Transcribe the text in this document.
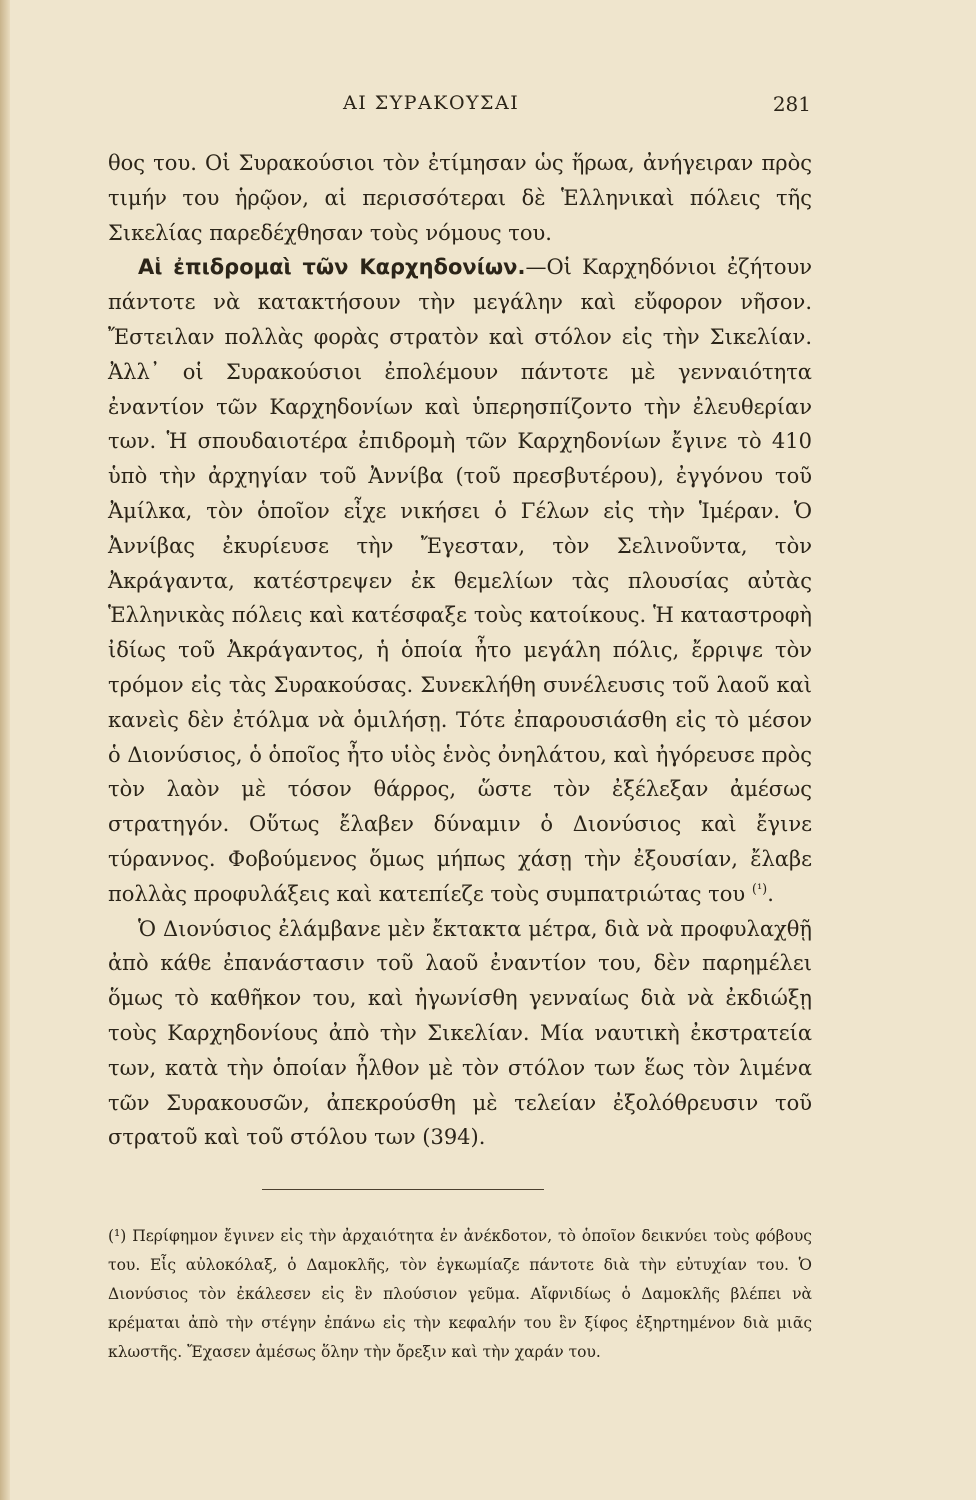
ΑΙ ΣΥΡΑΚΟΥΣΑΙ	281

θος του. Οἱ Συρακούσιοι τὸν ἐτίμησαν ὡς ἥρωα, ἀνήγειραν πρὸς τιμήν του ἡρῷον, αἱ περισσότεραι δὲ Ἑλληνικαὶ πόλεις τῆς Σικελίας παρεδέχθησαν τοὺς νόμους του.

Αἱ ἐπιδρομαὶ τῶν Καρχηδονίων.—Οἱ Καρχηδόνιοι ἐζήτουν πάντοτε νὰ κατακτήσουν τὴν μεγάλην καὶ εὔφορον νῆσον. Ἔστειλαν πολλὰς φορὰς στρατὸν καὶ στόλον εἰς τὴν Σικελίαν. Ἀλλ᾽ οἱ Συρακούσιοι ἐπολέμουν πάντοτε μὲ γενναιότητα ἐναντίον τῶν Καρχηδονίων καὶ ὑπερησπίζοντο τὴν ἐλευθερίαν των. Ἡ σπουδαιοτέρα ἐπιδρομὴ τῶν Καρχηδονίων ἔγινε τὸ 410 ὑπὸ τὴν ἀρχηγίαν τοῦ Ἀννίβα (τοῦ πρεσβυτέρου), ἐγγόνου τοῦ Ἀμίλκα, τὸν ὁποῖον εἶχε νικήσει ὁ Γέλων εἰς τὴν Ἱμέραν. Ὁ Ἀννίβας ἐκυρίευσε τὴν Ἔγεσταν, τὸν Σελινοῦντα, τὸν Ἀκράγαντα, κατέστρεψεν ἐκ θεμελίων τὰς πλουσίας αὐτὰς Ἑλληνικὰς πόλεις καὶ κατέσφαξε τοὺς κατοίκους. Ἡ καταστροφὴ ἰδίως τοῦ Ἀκράγαντος, ἡ ὁποία ἦτο μεγάλη πόλις, ἔρριψε τὸν τρόμον εἰς τὰς Συρακούσας. Συνεκλήθη συνέλευσις τοῦ λαοῦ καὶ κανεὶς δὲν ἐτόλμα νὰ ὁμιλήσῃ. Τότε ἐπαρουσιάσθη εἰς τὸ μέσον ὁ Διονύσιος, ὁ ὁποῖος ἦτο υἱὸς ἑνὸς ὀνηλάτου, καὶ ἠγόρευσε πρὸς τὸν λαὸν μὲ τόσον θάρρος, ὥστε τὸν ἐξέλεξαν ἀμέσως στρατηγόν. Οὕτως ἔλαβεν δύναμιν ὁ Διονύσιος καὶ ἔγινε τύραννος. Φοβούμενος ὅμως μήπως χάσῃ τὴν ἐξουσίαν, ἔλαβε πολλὰς προφυλάξεις καὶ κατεπίεζε τοὺς συμπατριώτας του $^{(^1)}$.

Ὁ Διονύσιος ἐλάμβανε μὲν ἔκτακτα μέτρα, διὰ νὰ προφυλαχθῇ ἀπὸ κάθε ἐπανάστασιν τοῦ λαοῦ ἐναντίον του, δὲν παρημέλει ὅμως τὸ καθῆκον του, καὶ ἠγωνίσθη γενναίως διὰ νὰ ἐκδιώξῃ τοὺς Καρχηδονίους ἀπὸ τὴν Σικελίαν. Μία ναυτικὴ ἐκστρατεία των, κατὰ τὴν ὁποίαν ἦλθον μὲ τὸν στόλον των ἕως τὸν λιμένα τῶν Συρακουσῶν, ἀπεκρούσθη μὲ τελείαν ἐξολόθρευσιν τοῦ στρατοῦ καὶ τοῦ στόλου των (394).

(¹) Περίφημον ἔγινεν εἰς τὴν ἀρχαιότητα ἐν ἀνέκδοτον, τὸ ὁποῖον δεικνύει τοὺς φόβους του. Εἷς αὐλοκόλαξ, ὁ Δαμοκλῆς, τὸν ἐγκωμίαζε πάντοτε διὰ τὴν εὐτυχίαν του. Ὁ Διονύσιος τὸν ἐκάλεσεν εἰς ἓν πλούσιον γεῦμα. Αἴφνιδίως ὁ Δαμοκλῆς βλέπει νὰ κρέμαται ἀπὸ τὴν στέγην ἐπάνω εἰς τὴν κεφαλήν του ἓν ξίφος ἐξηρτημένον διὰ μιᾶς κλωστῆς. Ἔχασεν ἀμέσως ὅλην τὴν ὄρεξιν καὶ τὴν χαράν του.
